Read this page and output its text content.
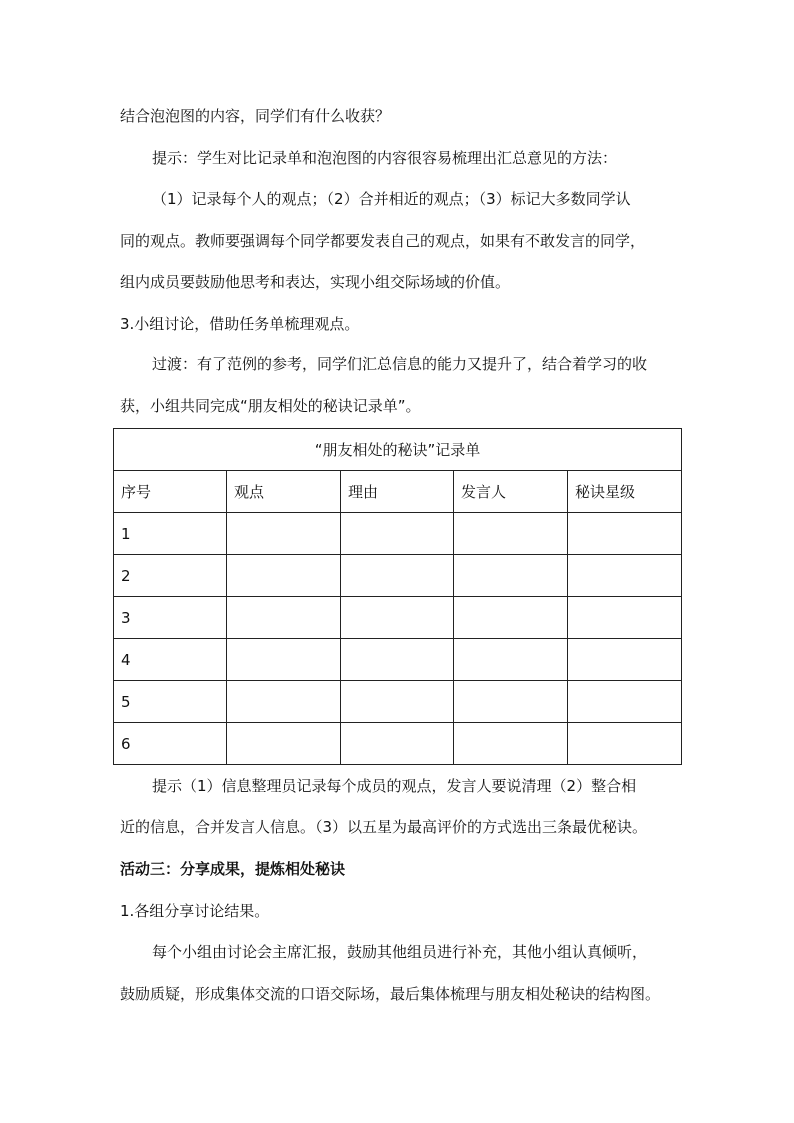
结合泡泡图的内容，同学们有什么收获？
提示：学生对比记录单和泡泡图的内容很容易梳理出汇总意见的方法：
（1）记录每个人的观点；（2）合并相近的观点；（3）标记大多数同学认
同的观点。教师要强调每个同学都要发表自己的观点，如果有不敢发言的同学，
组内成员要鼓励他思考和表达，实现小组交际场域的价值。
3.小组讨论，借助任务单梳理观点。
过渡：有了范例的参考，同学们汇总信息的能力又提升了，结合着学习的收
获，小组共同完成“朋友相处的秘诀记录单”。
“朋友相处的秘诀”记录单				
序号	观点	理由	发言人	秘诀星级
1				
2				
3				
4				
5				
6				
提示（1）信息整理员记录每个成员的观点，发言人要说清理（2）整合相
近的信息，合并发言人信息。（3）以五星为最高评价的方式选出三条最优秘诀。
活动三：分享成果，提炼相处秘诀
1.各组分享讨论结果。
每个小组由讨论会主席汇报，鼓励其他组员进行补充，其他小组认真倾听，
鼓励质疑，形成集体交流的口语交际场，最后集体梳理与朋友相处秘诀的结构图。
